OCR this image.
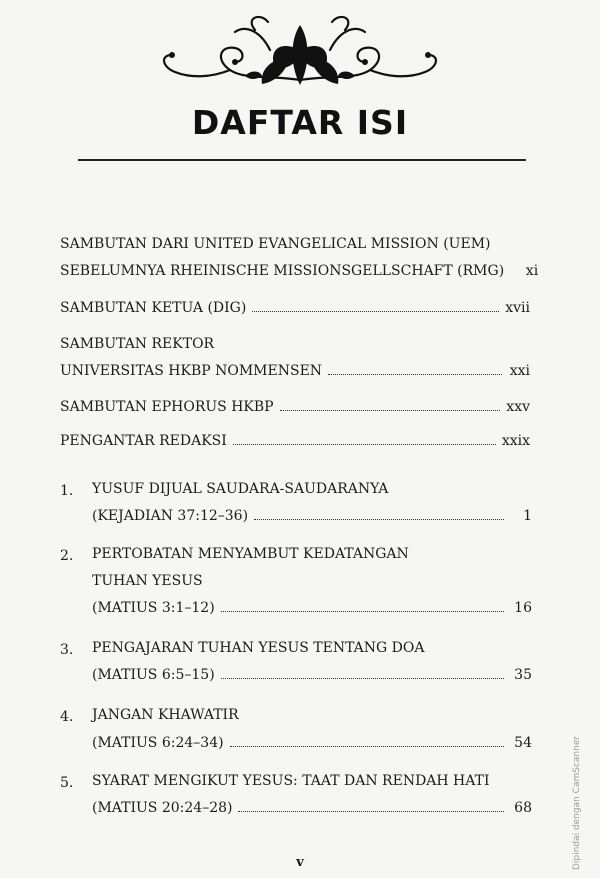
DAFTAR ISI
SAMBUTAN DARI UNITED EVANGELICAL MISSION (UEM)
SEBELUMNYA RHEINISCHE MISSIONSGELLSCHAFT (RMG)	xi
SAMBUTAN KETUA (DIG)	xvii
SAMBUTAN REKTOR
UNIVERSITAS HKBP NOMMENSEN	xxi
SAMBUTAN EPHORUS HKBP	xxv
PENGANTAR REDAKSI	xxix
1. YUSUF DIJUAL SAUDARA-SAUDARANYA
(KEJADIAN 37:12–36)	1
2. PERTOBATAN MENYAMBUT KEDATANGAN
TUHAN YESUS
(MATIUS 3:1–12)	16
3. PENGAJARAN TUHAN YESUS TENTANG DOA
(MATIUS 6:5–15)	35
4. JANGAN KHAWATIR
(MATIUS 6:24–34)	54
5. SYARAT MENGIKUT YESUS: TAAT DAN RENDAH HATI
(MATIUS 20:24–28)	68
v	Dipindai dengan CamScanner
